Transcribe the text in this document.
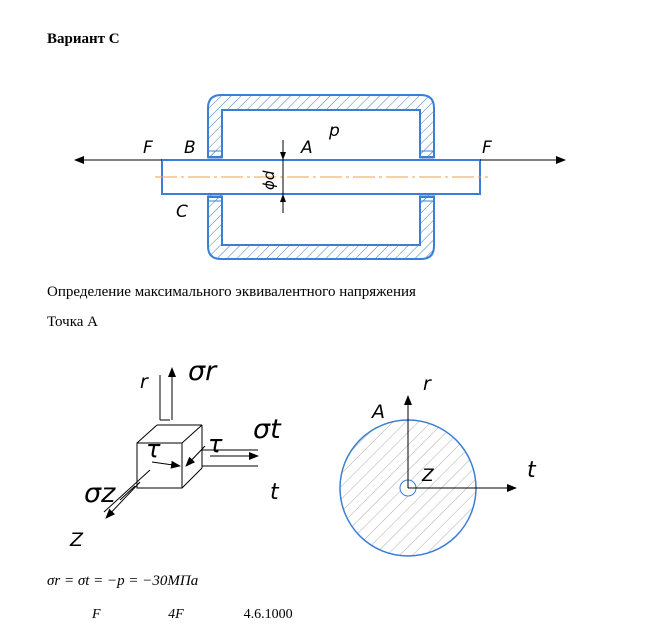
Вариант С
F	F
B	A
p
C
ϕd
Определение максимального эквивалентного напряжения
Точка А
r σr
τ τ σt
σz	t
Z
A
r
Z	t
σr = σt = −p = −30МПа
F	4F	4.6.1000
